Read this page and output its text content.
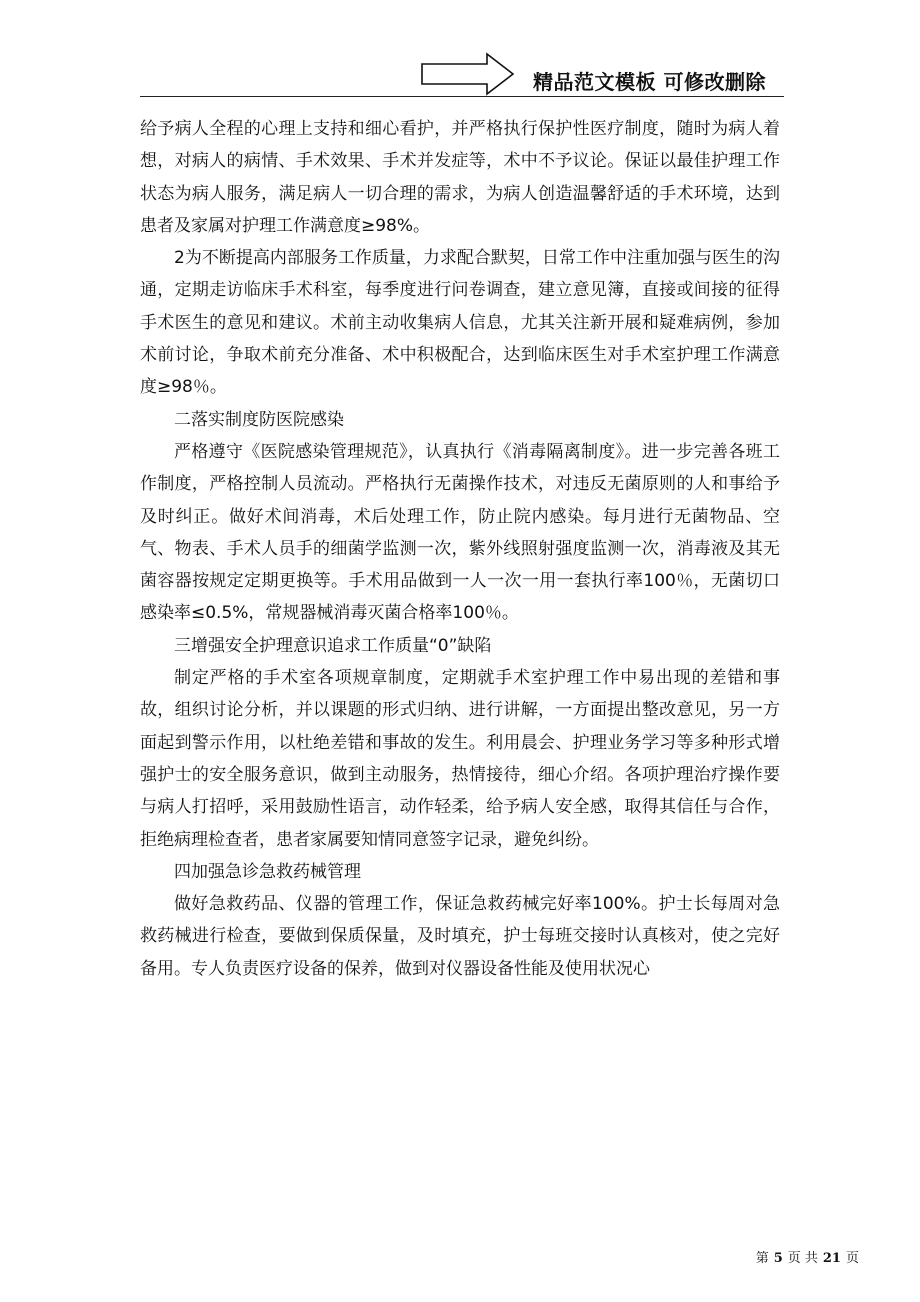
精品范文模板 可修改删除

给予病人全程的心理上支持和细心看护，并严格执行保护性医疗制度，随时为病人着想，对病人的病情、手术效果、手术并发症等，术中不予议论。保证以最佳护理工作状态为病人服务，满足病人一切合理的需求，为病人创造温馨舒适的手术环境，达到患者及家属对护理工作满意度≥98%。

2为不断提高内部服务工作质量，力求配合默契，日常工作中注重加强与医生的沟通，定期走访临床手术科室，每季度进行问卷调查，建立意见簿，直接或间接的征得手术医生的意见和建议。术前主动收集病人信息，尤其关注新开展和疑难病例，参加术前讨论，争取术前充分准备、术中积极配合，达到临床医生对手术室护理工作满意度≥98％。

二落实制度防医院感染

严格遵守《医院感染管理规范》，认真执行《消毒隔离制度》。进一步完善各班工作制度，严格控制人员流动。严格执行无菌操作技术，对违反无菌原则的人和事给予及时纠正。做好术间消毒，术后处理工作，防止院内感染。每月进行无菌物品、空气、物表、手术人员手的细菌学监测一次，紫外线照射强度监测一次，消毒液及其无菌容器按规定定期更换等。手术用品做到一人一次一用一套执行率100％，无菌切口感染率≤0.5%，常规器械消毒灭菌合格率100％。

三增强安全护理意识追求工作质量“0”缺陷

制定严格的手术室各项规章制度，定期就手术室护理工作中易出现的差错和事故，组织讨论分析，并以课题的形式归纳、进行讲解，一方面提出整改意见，另一方面起到警示作用，以杜绝差错和事故的发生。利用晨会、护理业务学习等多种形式增强护士的安全服务意识，做到主动服务，热情接待，细心介绍。各项护理治疗操作要与病人打招呼，采用鼓励性语言，动作轻柔，给予病人安全感，取得其信任与合作，拒绝病理检查者，患者家属要知情同意签字记录，避免纠纷。

四加强急诊急救药械管理

做好急救药品、仪器的管理工作，保证急救药械完好率100%。护士长每周对急救药械进行检查，要做到保质保量，及时填充，护士每班交接时认真核对，使之完好备用。专人负责医疗设备的保养，做到对仪器设备性能及使用状况心

第 5 页 共 21 页
